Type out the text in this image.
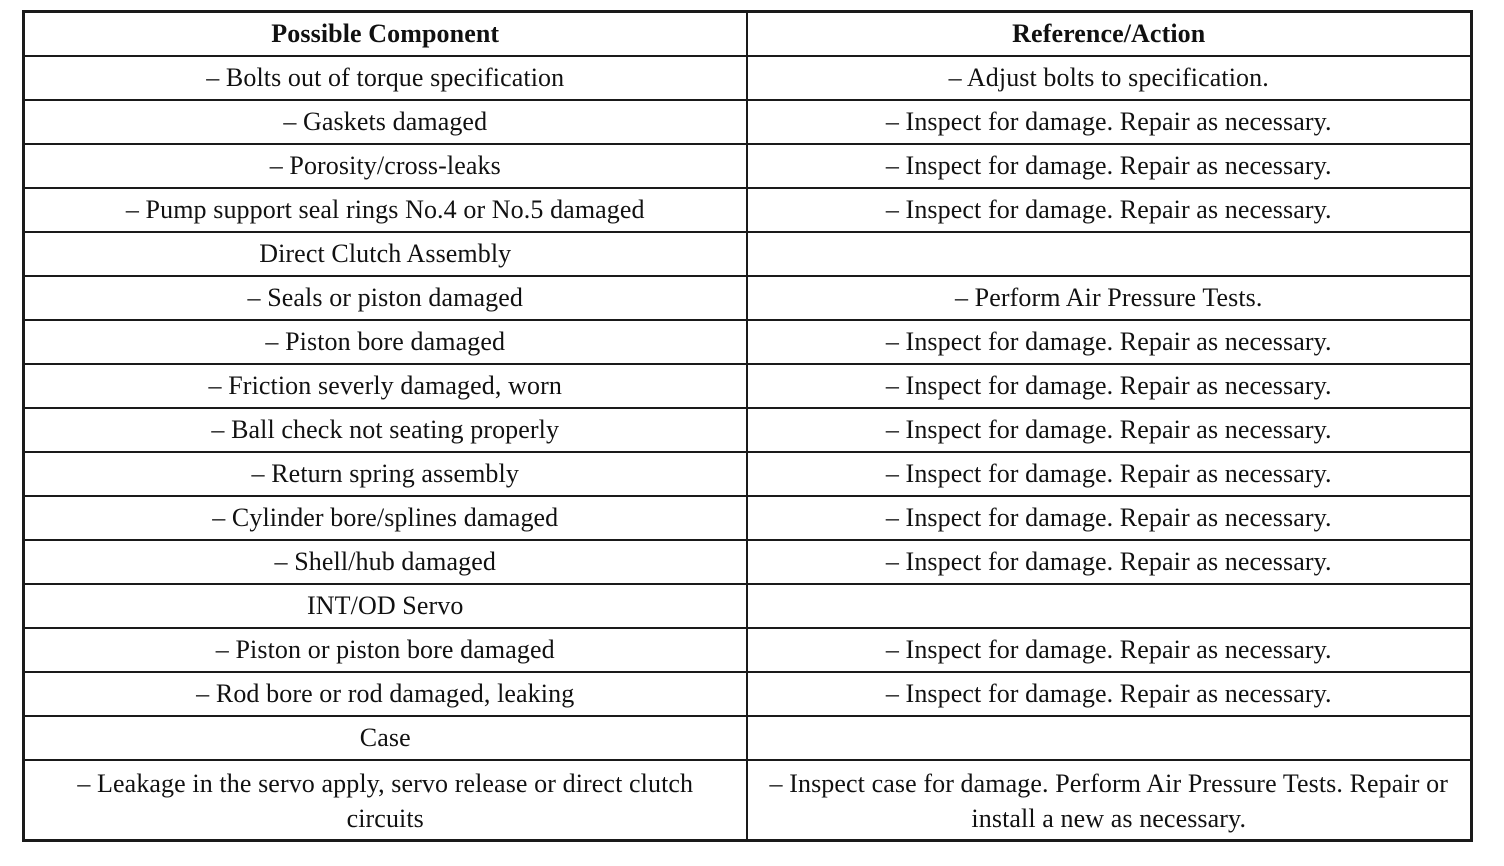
Possible Component	Reference/Action
– Bolts out of torque specification	– Adjust bolts to specification.
– Gaskets damaged	– Inspect for damage. Repair as necessary.
– Porosity/cross-leaks	– Inspect for damage. Repair as necessary.
– Pump support seal rings No.4 or No.5 damaged	– Inspect for damage. Repair as necessary.
Direct Clutch Assembly	
– Seals or piston damaged	– Perform Air Pressure Tests.
– Piston bore damaged	– Inspect for damage. Repair as necessary.
– Friction severly damaged, worn	– Inspect for damage. Repair as necessary.
– Ball check not seating properly	– Inspect for damage. Repair as necessary.
– Return spring assembly	– Inspect for damage. Repair as necessary.
– Cylinder bore/splines damaged	– Inspect for damage. Repair as necessary.
– Shell/hub damaged	– Inspect for damage. Repair as necessary.
INT/OD Servo	
– Piston or piston bore damaged	– Inspect for damage. Repair as necessary.
– Rod bore or rod damaged, leaking	– Inspect for damage. Repair as necessary.
Case	
– Leakage in the servo apply, servo release or direct clutch circuits	– Inspect case for damage. Perform Air Pressure Tests. Repair or install a new as necessary.
